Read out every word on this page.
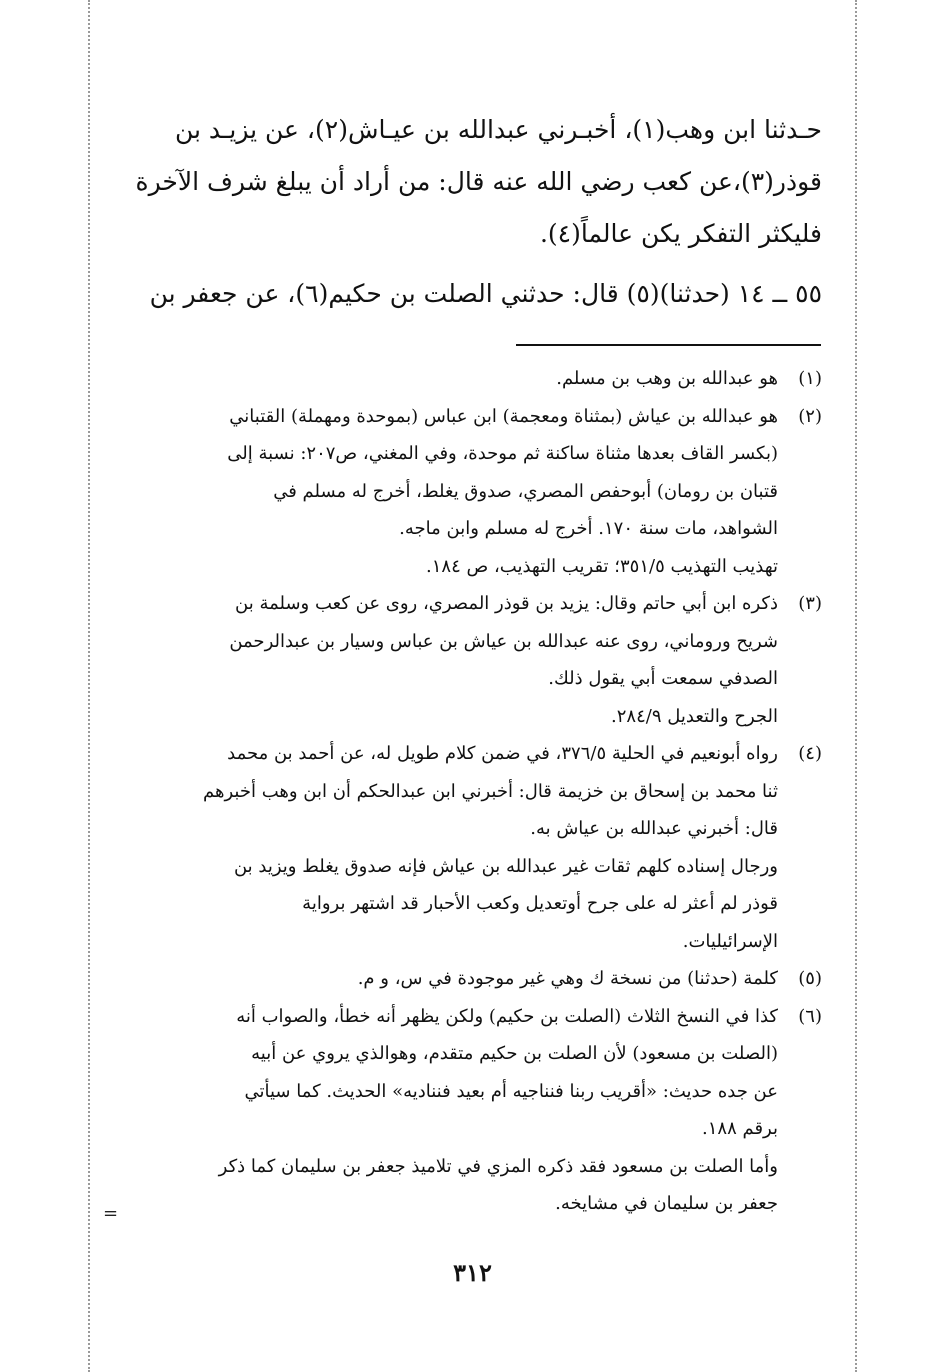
حـدثنا ابن وهب(١)، أخبـرني عبدالله بن عيـاش(٢)، عن يزيـد بن
قوذر(٣)،عن كعب رضي الله عنه قال: من أراد أن يبلغ شرف الآخرة
فليكثر التفكر يكن عالماً(٤).
٥٥ ــ ١٤ (حدثنا)(٥) قال: حدثني الصلت بن حكيم(٦)، عن جعفر بن
(١)
هو عبدالله بن وهب بن مسلم.
(٢)
هو عبدالله بن عياش (بمثناة ومعجمة) ابن عباس (بموحدة ومهملة) القتباني
(بكسر القاف بعدها مثناة ساكنة ثم موحدة، وفي المغني، ص٢٠٧: نسبة إلى
قتبان بن رومان) أبوحفص المصري، صدوق يغلط، أخرج له مسلم في
الشواهد، مات سنة ١٧٠. أخرج له مسلم وابن ماجه.
تهذيب التهذيب ٣٥١/٥؛ تقريب التهذيب، ص ١٨٤.
(٣)
ذكره ابن أبي حاتم وقال: يزيد بن قوذر المصري، روى عن كعب وسلمة بن
شريح وروماني، روى عنه عبدالله بن عياش بن عباس وسيار بن عبدالرحمن
الصدفي سمعت أبي يقول ذلك.
الجرح والتعديل ٢٨٤/٩.
(٤)
رواه أبونعيم في الحلية ٣٧٦/٥، في ضمن كلام طويل له، عن أحمد بن محمد
ثنا محمد بن إسحاق بن خزيمة قال: أخبرني ابن عبدالحكم أن ابن وهب أخبرهم
قال: أخبرني عبدالله بن عياش به.
ورجال إسناده كلهم ثقات غير عبدالله بن عياش فإنه صدوق يغلط ويزيد بن
قوذر لم أعثر له على جرح أوتعديل وكعب الأحبار قد اشتهر برواية
الإسرائيليات.
(٥)
كلمة (حدثنا) من نسخة ك وهي غير موجودة في س، و م.
(٦)
كذا في النسخ الثلاث (الصلت بن حكيم) ولكن يظهر أنه خطأ، والصواب أنه
(الصلت بن مسعود) لأن الصلت بن حكيم متقدم، وهوالذي يروي عن أبيه
عن جده حديث: «أقريب ربنا فنناجيه أم بعيد فنناديه» الحديث. كما سيأتي
برقم ١٨٨.
وأما الصلت بن مسعود فقد ذكره المزي في تلاميذ جعفر بن سليمان كما ذكر
جعفر بن سليمان في مشايخه.
٣١٢
=
